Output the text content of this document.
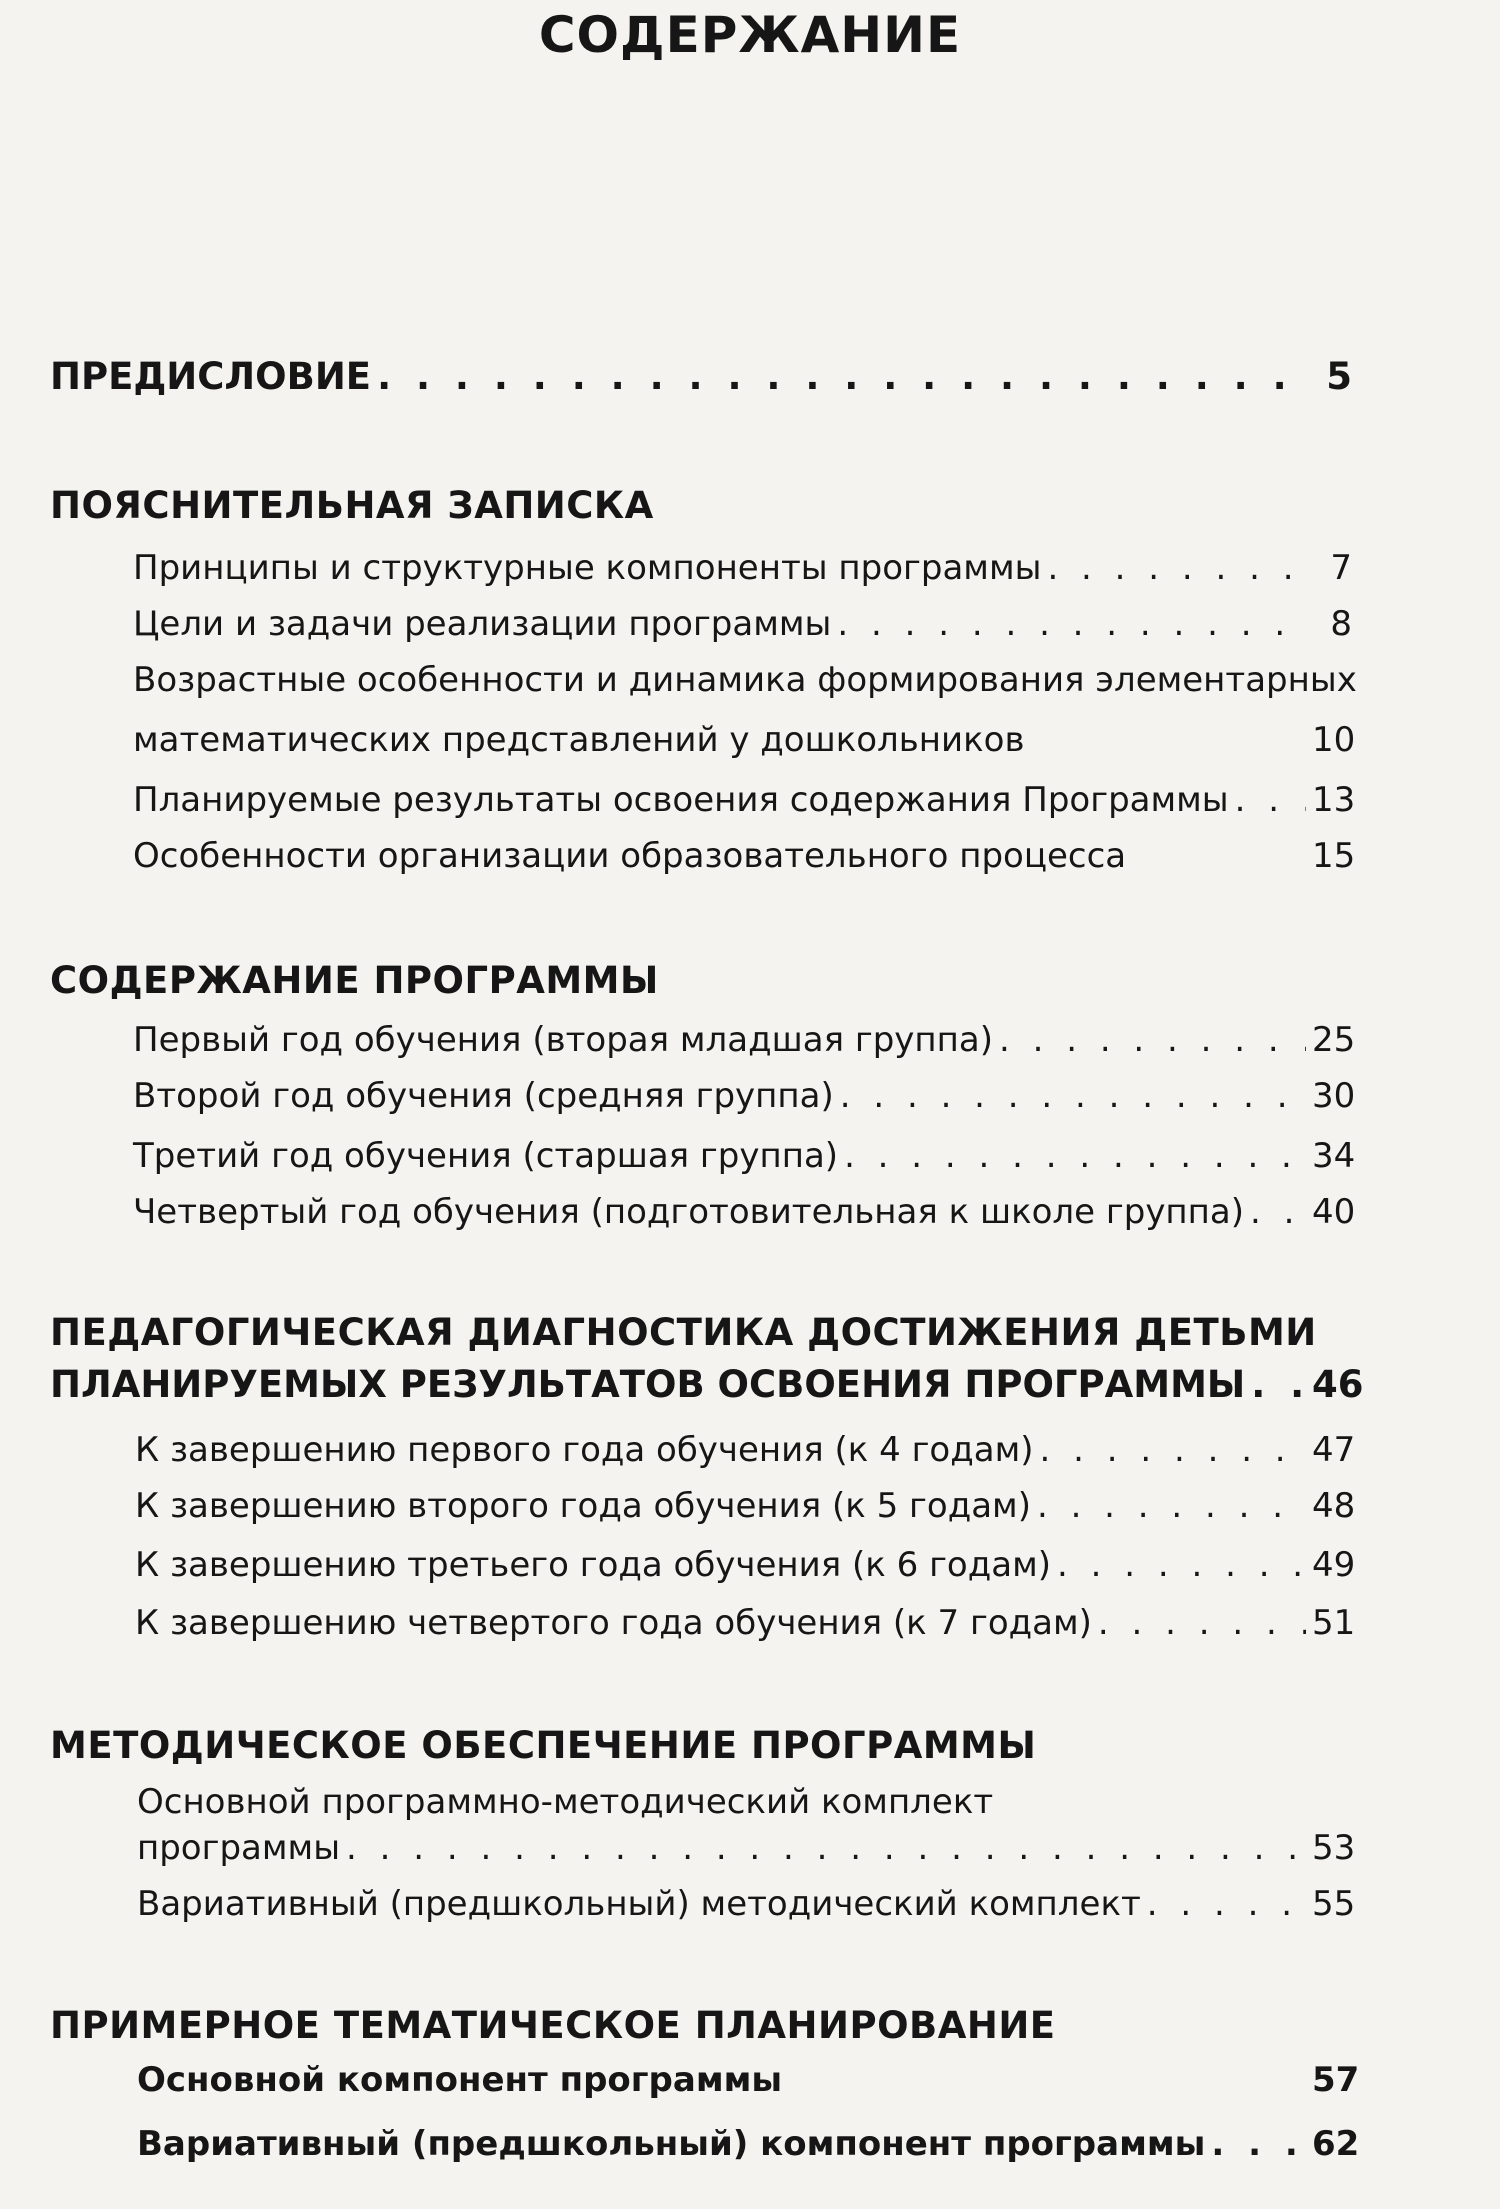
СОДЕРЖАНИЕ
ПРЕДИСЛОВИЕ . . .	5
ПОЯСНИТЕЛЬНАЯ ЗАПИСКА
Принципы и структурные компоненты программы . . .	7
Цели и задачи реализации программы . . .	8
Возрастные особенности и динамика формирования элементарных
математических представлений у дошкольников	10
Планируемые результаты освоения содержания Программы . . . 13
Особенности организации образовательного процесса	15
СОДЕРЖАНИЕ ПРОГРАММЫ
Первый год обучения (вторая младшая группа) . . .	25
Второй год обучения (средняя группа) . . .	30
Третий год обучения (старшая группа) . . .	34
Четвертый год обучения (подготовительная к школе группа) . . . 40
ПЕДАГОГИЧЕСКАЯ ДИАГНОСТИКА ДОСТИЖЕНИЯ ДЕТЬМИ
ПЛАНИРУЕМЫХ РЕЗУЛЬТАТОВ ОСВОЕНИЯ ПРОГРАММЫ . . . 46
К завершению первого года обучения (к 4 годам) . . .	47
К завершению второго года обучения (к 5 годам) . . .	48
К завершению третьего года обучения (к 6 годам) . . .	49
К завершению четвертого года обучения (к 7 годам) . . .	51
МЕТОДИЧЕСКОЕ ОБЕСПЕЧЕНИЕ ПРОГРАММЫ
Основной программно-методический комплект
программы . . .	53
Вариативный (предшкольный) методический комплект . . .	55
ПРИМЕРНОЕ ТЕМАТИЧЕСКОЕ ПЛАНИРОВАНИЕ
Основной компонент программы	57
Вариативный (предшкольный) компонент программы . . .	62
